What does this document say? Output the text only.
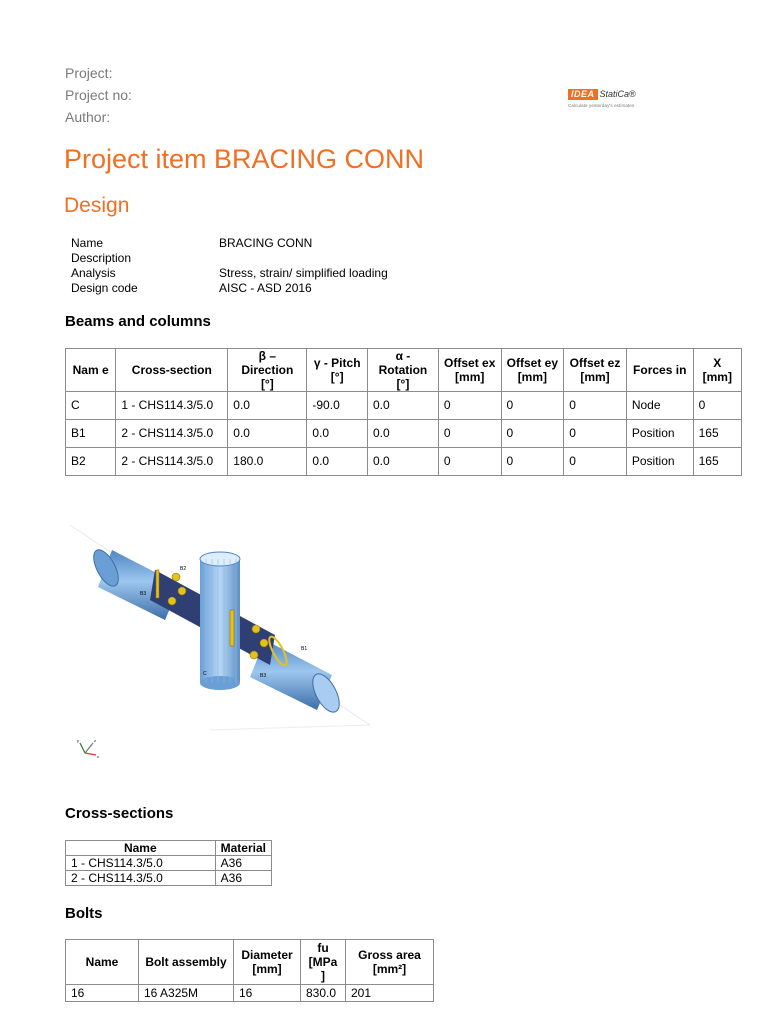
Project:
Project no:
Author:
IDEA StatiCa®
Calculate yesterday's estimates
Project item BRACING CONN
Design
Name	BRACING CONN
Description
Analysis	Stress, strain/ simplified loading
Design code	AISC - ASD 2016
Beams and columns
Nam e	Cross-section	β – Direction [°]	γ - Pitch [°]	α - Rotation [°]	Offset ex [mm]	Offset ey [mm]	Offset ez [mm]	Forces in	X [mm]
C	1 - CHS114.3/5.0	0.0	-90.0	0.0	0	0	0	Node	0
B1	2 - CHS114.3/5.0	0.0	0.0	0.0	0	0	0	Position	165
B2	2 - CHS114.3/5.0	180.0	0.0	0.0	0	0	0	Position	165
B2
B3
B1
B3
C
z
x
y
Cross-sections
Name	Material
1 - CHS114.3/5.0	A36
2 - CHS114.3/5.0	A36
Bolts
Name	Bolt assembly	Diameter [mm]	fu [MPa ]	Gross area [mm²]
16	16 A325M	16	830.0	201
